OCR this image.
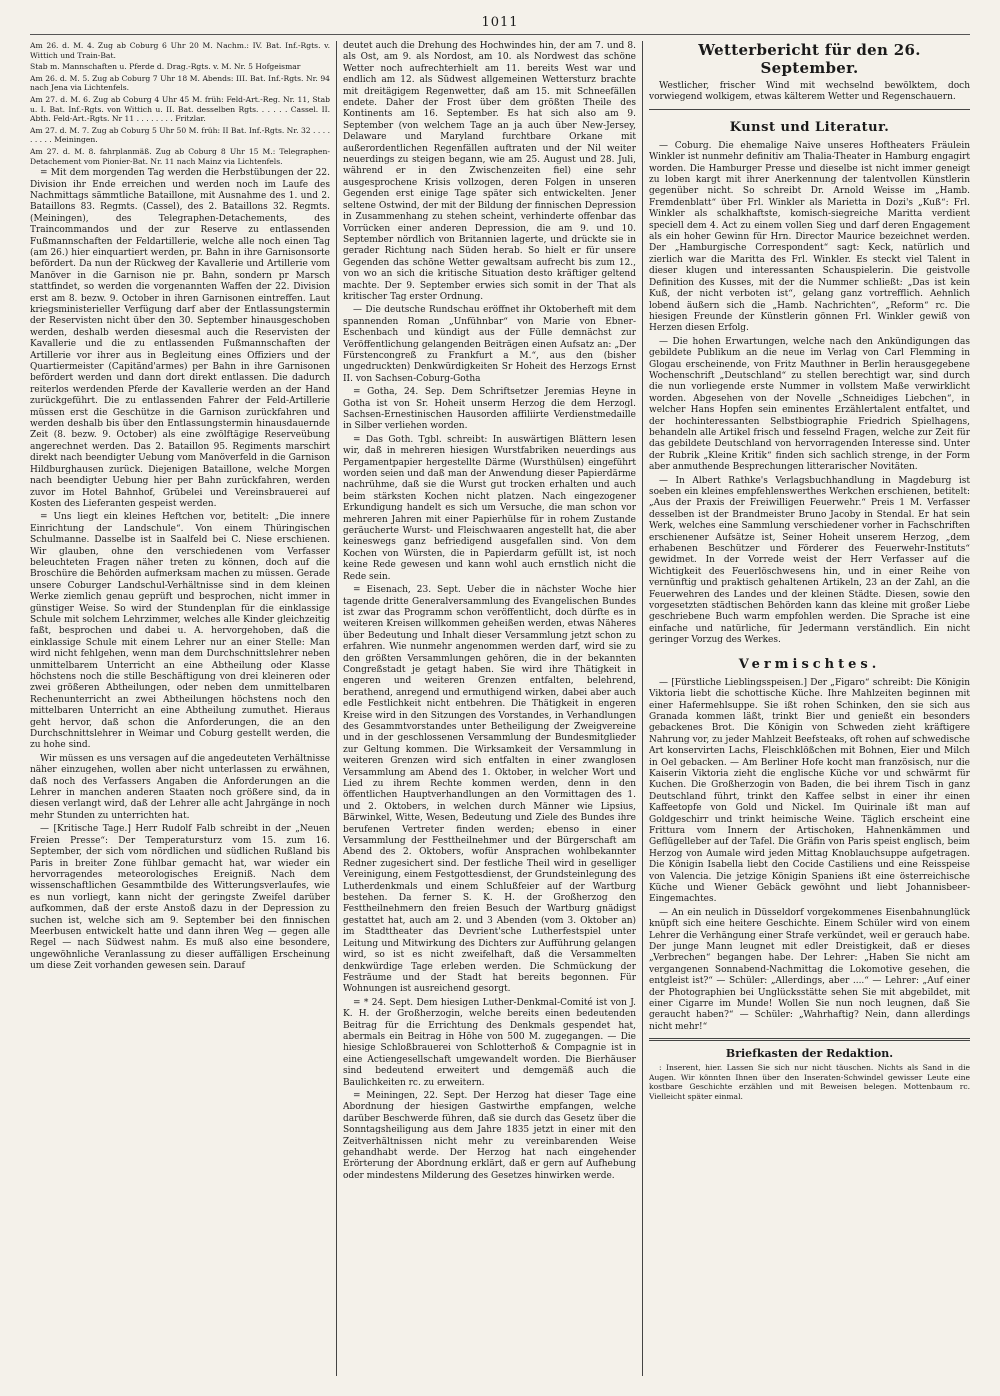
1011

Am 26. d. M. 4. Zug ab Coburg 6 Uhr 20 M. Nachm.: IV. Bat. Inf.-Rgts. v. Wittich und Train-Bat.

Stab m. Mannschaften u. Pferde d. Drag.-Rgts. v. M. Nr. 5 Hofgeismar

Am 26. d. M. 5. Zug ab Coburg 7 Uhr 18 M. Abends: III. Bat. Inf.-Rgts. Nr. 94 nach Jena via Lichtenfels.

Am 27. d. M. 6. Zug ab Coburg 4 Uhr 45 M. früh: Feld-Art.-Reg. Nr. 11, Stab u. I. Bat. Inf.-Rgts. von Wittich u. II. Bat. desselben Rgts. . . . . . Cassel. II. Abth. Feld-Art.-Rgts. Nr 11 . . . . . . . . Fritzlar.

Am 27. d. M. 7. Zug ab Coburg 5 Uhr 50 M. früh: II Bat. Inf.-Rgts. Nr. 32 . . . . . . . . . Meiningen.

Am 27. d. M. 8. fahrplanmäß. Zug ab Coburg 8 Uhr 15 M.: Telegraphen-Detachement vom Pionier-Bat. Nr. 11 nach Mainz via Lichtenfels.

= Mit dem morgenden Tag werden die Herbstübungen der 22. Division ihr Ende erreichen und werden noch im Laufe des Nachmittags sämmtliche Bataillone, mit Ausnahme des 1. und 2. Bataillons 83. Regmts. (Cassel), des 2. Bataillons 32. Regmts. (Meiningen), des Telegraphen-Detachements, des Traincommandos und der zur Reserve zu entlassenden Fußmannschaften der Feldartillerie, welche alle noch einen Tag (am 26.) hier einquartiert werden, pr. Bahn in ihre Garnisonsorte befördert. Da nun der Rückweg der Kavallerie und Artillerie vom Manöver in die Garnison nie pr. Bahn, sondern pr Marsch stattfindet, so werden die vorgenannten Waffen der 22. Division erst am 8. bezw. 9. October in ihren Garnisonen eintreffen. Laut kriegsministerieller Verfügung darf aber der Entlassungstermin der Reservisten nicht über den 30. September hinausgeschoben werden, deshalb werden diesesmal auch die Reservisten der Kavallerie und die zu entlassenden Fußmannschaften der Artillerie vor ihrer aus in Begleitung eines Offiziers und der Quartiermeister (Capitänd'armes) per Bahn in ihre Garnisonen befördert werden und dann dort direkt entlassen. Die dadurch reiterlos werdenden Pferde der Kavallerie werden an der Hand zurückgeführt. Die zu entlassenden Fahrer der Feld-Artillerie müssen erst die Geschütze in die Garnison zurückfahren und werden deshalb bis über den Entlassungstermin hinausdauernde Zeit (8. bezw. 9. October) als eine zwölftägige Reserveübung angerechnet werden. Das 2. Bataillon 95. Regiments marschirt direkt nach beendigter Uebung vom Manöverfeld in die Garnison Hildburghausen zurück. Diejenigen Bataillone, welche Morgen nach beendigter Uebung hier per Bahn zurückfahren, werden zuvor im Hotel Bahnhof, Grübelei und Vereinsbrauerei auf Kosten des Lieferanten gespeist werden.

= Uns liegt ein kleines Heftchen vor, betitelt: „Die innere Einrichtung der Landschule“. Von einem Thüringischen Schulmanne. Dasselbe ist in Saalfeld bei C. Niese erschienen. Wir glauben, ohne den verschiedenen vom Verfasser beleuchteten Fragen näher treten zu können, doch auf die Broschüre die Behörden aufmerksam machen zu müssen. Gerade unsere Coburger Landschul-Verhältnisse sind in dem kleinen Werke ziemlich genau geprüft und besprochen, nicht immer in günstiger Weise. So wird der Stundenplan für die einklassige Schule mit solchem Lehrzimmer, welches alle Kinder gleichzeitig faßt, besprochen und dabei u. A. hervorgehoben, daß die einklassige Schule mit einem Lehrer nur an einer Stelle: Man wird nicht fehlgehen, wenn man dem Durchschnittslehrer neben unmittelbarem Unterricht an eine Abtheilung oder Klasse höchstens noch die stille Beschäftigung von drei kleineren oder zwei größeren Abtheilungen, oder neben dem unmittelbaren Rechenunterricht an zwei Abtheilungen höchstens noch den mittelbaren Unterricht an eine Abtheilung zumuthet. Hieraus geht hervor, daß schon die Anforderungen, die an den Durchschnittslehrer in Weimar und Coburg gestellt werden, die zu hohe sind.

Wir müssen es uns versagen auf die angedeuteten Verhältnisse näher einzugehen, wollen aber nicht unterlassen zu erwähnen, daß noch des Verfassers Angaben die Anforderungen an die Lehrer in manchen anderen Staaten noch größere sind, da in diesen verlangt wird, daß der Lehrer alle acht Jahrgänge in noch mehr Stunden zu unterrichten hat.

— [Kritische Tage.] Herr Rudolf Falb schreibt in der „Neuen Freien Presse“: Der Temperatursturz vom 15. zum 16. September, der sich vom nördlichen und südlichen Rußland bis Paris in breiter Zone fühlbar gemacht hat, war wieder ein hervorragendes meteorologisches Ereigniß. Nach dem wissenschaftlichen Gesammtbilde des Witterungsverlaufes, wie es nun vorliegt, kann nicht der geringste Zweifel darüber aufkommen, daß der erste Anstoß dazu in der Depression zu suchen ist, welche sich am 9. September bei den finnischen Meerbusen entwickelt hatte und dann ihren Weg — gegen alle Regel — nach Südwest nahm. Es muß also eine besondere, ungewöhnliche Veranlassung zu dieser auffälligen Erscheinung um diese Zeit vorhanden gewesen sein. Darauf

deutet auch die Drehung des Hochwindes hin, der am 7. und 8. als Ost, am 9. als Nordost, am 10. als Nordwest das schöne Wetter noch aufrechterhielt am 11. bereits West war und endlich am 12. als Südwest allgemeinen Wettersturz brachte mit dreitägigem Regenwetter, daß am 15. mit Schneefällen endete. Daher der Frost über dem größten Theile des Kontinents am 16. September. Es hat sich also am 9. September (von welchem Tage an ja auch über New-Jersey, Delaware und Maryland furchtbare Orkane mit außerordentlichen Regenfällen auftraten und der Nil weiter neuerdings zu steigen begann, wie am 25. August und 28. Juli, während er in den Zwischenzeiten fiel) eine sehr ausgesprochene Krisis vollzogen, deren Folgen in unseren Gegenden erst einige Tage später sich entwickelten. Jener seltene Ostwind, der mit der Bildung der finnischen Depression in Zusammenhang zu stehen scheint, verhinderte offenbar das Vorrücken einer anderen Depression, die am 9. und 10. September nördlich von Britannien lagerte, und drückte sie in gerader Richtung nach Süden herab. So hielt er für unsere Gegenden das schöne Wetter gewaltsam aufrecht bis zum 12., von wo an sich die kritische Situation desto kräftiger geltend machte. Der 9. September erwies sich somit in der That als kritischer Tag erster Ordnung.

— Die deutsche Rundschau eröffnet ihr Oktoberheft mit dem spannenden Roman „Unfühnbar“ von Marie von Ebner-Eschenbach und kündigt aus der Fülle demnächst zur Veröffentlichung gelangenden Beiträgen einen Aufsatz an: „Der Fürstencongreß zu Frankfurt a M.“, aus den (bisher ungedruckten) Denkwürdigkeiten Sr Hoheit des Herzogs Ernst II. von Sachsen-Coburg-Gotha

= Gotha, 24. Sep. Dem Schriftsetzer Jeremias Heyne in Gotha ist von Sr. Hoheit unserm Herzog die dem Herzogl. Sachsen-Ernestinischen Hausorden affiliirte Verdienstmedaille in Silber verliehen worden.

= Das Goth. Tgbl. schreibt: In auswärtigen Blättern lesen wir, daß in mehreren hiesigen Wurstfabriken neuerdings aus Pergamentpapier hergestellte Därme (Wursthülsen) eingeführt worden seien und daß man der Anwendung dieser Papierdärme nachrühme, daß sie die Wurst gut trocken erhalten und auch beim stärksten Kochen nicht platzen. Nach eingezogener Erkundigung handelt es sich um Versuche, die man schon vor mehreren Jahren mit einer Papierhülse für in rohem Zustande geräucherte Wurst- und Fleischwaaren angestellt hat, die aber keineswegs ganz befriedigend ausgefallen sind. Von dem Kochen von Würsten, die in Papierdarm gefüllt ist, ist noch keine Rede gewesen und kann wohl auch ernstlich nicht die Rede sein.

= Eisenach, 23. Sept. Ueber die in nächster Woche hier tagende dritte Generalversammlung des Evangelischen Bundes ist zwar das Programm schon veröffentlicht, doch dürfte es in weiteren Kreisen willkommen geheißen werden, etwas Näheres über Bedeutung und Inhalt dieser Versammlung jetzt schon zu erfahren. Wie nunmehr angenommen werden darf, wird sie zu den größten Versammlungen gehören, die in der bekannten Congreßstadt je getagt haben. Sie wird ihre Thätigkeit in engeren und weiteren Grenzen entfalten, belehrend, berathend, anregend und ermuthigend wirken, dabei aber auch edle Festlichkeit nicht entbehren. Die Thätigkeit in engeren Kreise wird in den Sitzungen des Vorstandes, in Verhandlungen des Gesammtvorstandes unter Betheiligung der Zweigvereine und in der geschlossenen Versammlung der Bundesmitglieder zur Geltung kommen. Die Wirksamkeit der Versammlung in weiteren Grenzen wird sich entfalten in einer zwanglosen Versammlung am Abend des 1. Oktober, in welcher Wort und Lied zu ihrem Rechte kommen werden, denn in den öffentlichen Hauptverhandlungen an den Vormittagen des 1. und 2. Oktobers, in welchen durch Männer wie Lipsius, Bärwinkel, Witte, Wesen, Bedeutung und Ziele des Bundes ihre berufenen Vertreter finden werden; ebenso in einer Versammlung der Festtheilnehmer und der Bürgerschaft am Abend des 2. Oktobers, wofür Ansprachen wohlbekannter Redner zugesichert sind. Der festliche Theil wird in geselliger Vereinigung, einem Festgottesdienst, der Grundsteinlegung des Lutherdenkmals und einem Schlußfeier auf der Wartburg bestehen. Da ferner S. K. H. der Großherzog den Festtheilnehmern den freien Besuch der Wartburg gnädigst gestattet hat, auch am 2. und 3 Abenden (vom 3. Oktober an) im Stadttheater das Devrient'sche Lutherfestspiel unter Leitung und Mitwirkung des Dichters zur Aufführung gelangen wird, so ist es nicht zweifelhaft, daß die Versammelten denkwürdige Tage erleben werden. Die Schmückung der Festräume und der Stadt hat bereits begonnen. Für Wohnungen ist ausreichend gesorgt.

= * 24. Sept. Dem hiesigen Luther-Denkmal-Comité ist von J. K. H. der Großherzogin, welche bereits einen bedeutenden Beitrag für die Errichtung des Denkmals gespendet hat, abermals ein Beitrag in Höhe von 500 M. zugegangen. — Die hiesige Schloßbrauerei von Schlotterhoß & Compagnie ist in eine Actiengesellschaft umgewandelt worden. Die Bierhäuser sind bedeutend erweitert und demgemäß auch die Baulichkeiten rc. zu erweitern.

= Meiningen, 22. Sept. Der Herzog hat dieser Tage eine Abordnung der hiesigen Gastwirthe empfangen, welche darüber Beschwerde führen, daß sie durch das Gesetz über die Sonntagsheiligung aus dem Jahre 1835 jetzt in einer mit den Zeitverhältnissen nicht mehr zu vereinbarenden Weise gehandhabt werde. Der Herzog hat nach eingehender Erörterung der Abordnung erklärt, daß er gern auf Aufhebung oder mindestens Milderung des Gesetzes hinwirken werde.

Wetterbericht für den 26. September.

Westlicher, frischer Wind mit wechselnd bewölktem, doch vorwiegend wolkigem, etwas kälterem Wetter und Regenschauern.

Kunst und Literatur.

— Coburg. Die ehemalige Naive unseres Hoftheaters Fräulein Winkler ist nunmehr definitiv am Thalia-Theater in Hamburg engagirt worden. Die Hamburger Presse und dieselbe ist nicht immer geneigt zu loben kargt mit ihrer Anerkennung der talentvollen Künstlerin gegenüber nicht. So schreibt Dr. Arnold Weisse im „Hamb. Fremdenblatt“ über Frl. Winkler als Marietta in Dozi's „Kuß“: Frl. Winkler als schalkhaftste, komisch-siegreiche Maritta verdient speciell dem 4. Act zu einem vollen Sieg und darf deren Engagement als ein hoher Gewinn für Hrn. Director Maurice bezeichnet werden. Der „Hamburgische Correspondent“ sagt: Keck, natürlich und zierlich war die Maritta des Frl. Winkler. Es steckt viel Talent in dieser klugen und interessanten Schauspielerin. Die geistvolle Definition des Kusses, mit der die Nummer schließt: „Das ist kein Kuß, der nicht verboten ist“, gelang ganz vortrefflich. Aehnlich lobend äußern sich die „Hamb. Nachrichten“, „Reform“ rc. Die hiesigen Freunde der Künstlerin gönnen Frl. Winkler gewiß von Herzen diesen Erfolg.

— Die hohen Erwartungen, welche nach den Ankündigungen das gebildete Publikum an die neue im Verlag von Carl Flemming in Glogau erscheinende, von Fritz Mauthner in Berlin herausgegebene Wochenschrift „Deutschland“ zu stellen berechtigt war, sind durch die nun vorliegende erste Nummer in vollstem Maße verwirklicht worden. Abgesehen von der Novelle „Schneidiges Liebchen“, in welcher Hans Hopfen sein eminentes Erzählertalent entfaltet, und der hochinteressanten Selbstbiographie Friedrich Spielhagens, behandeln alle Artikel frisch und fesselnd Fragen, welche zur Zeit für das gebildete Deutschland von hervorragenden Interesse sind. Unter der Rubrik „Kleine Kritik“ finden sich sachlich strenge, in der Form aber anmuthende Besprechungen litterarischer Novitäten.

— In Albert Rathke's Verlagsbuchhandlung in Magdeburg ist soeben ein kleines empfehlenswerthes Werkchen erschienen, betitelt: „Aus der Praxis der Freiwilligen Feuerwehr.“ Preis 1 M. Verfasser desselben ist der Brandmeister Bruno Jacoby in Stendal. Er hat sein Werk, welches eine Sammlung verschiedener vorher in Fachschriften erschienener Aufsätze ist, Seiner Hoheit unserem Herzog, „dem erhabenen Beschützer und Förderer des Feuerwehr-Instituts“ gewidmet. In der Vorrede weist der Herr Verfasser auf die Wichtigkeit des Feuerlöschwesens hin, und in einer Reihe von vernünftig und praktisch gehaltenen Artikeln, 23 an der Zahl, an die Feuerwehren des Landes und der kleinen Städte. Diesen, sowie den vorgesetzten städtischen Behörden kann das kleine mit großer Liebe geschriebene Buch warm empfohlen werden. Die Sprache ist eine einfache und natürliche, für Jedermann verständlich. Ein nicht geringer Vorzug des Werkes.

Vermischtes.

— [Fürstliche Lieblingsspeisen.] Der „Figaro“ schreibt: Die Königin Viktoria liebt die schottische Küche. Ihre Mahlzeiten beginnen mit einer Hafermehlsuppe. Sie ißt rohen Schinken, den sie sich aus Granada kommen läßt, trinkt Bier und genießt ein besonders gebackenes Brot. Die Königin von Schweden zieht kräftigere Nahrung vor, zu jeder Mahlzeit Beefsteaks, oft rohen auf schwedische Art konservirten Lachs, Fleischklößchen mit Bohnen, Eier und Milch in Oel gebacken. — Am Berliner Hofe kocht man französisch, nur die Kaiserin Viktoria zieht die englische Küche vor und schwärmt für Kuchen. Die Großherzogin von Baden, die bei ihrem Tisch in ganz Deutschland führt, trinkt den Kaffee selbst in einer ihr einen Kaffeetopfe von Gold und Nickel. Im Quirinale ißt man auf Goldgeschirr und trinkt heimische Weine. Täglich erscheint eine Frittura vom Innern der Artischoken, Hahnenkämmen und Geflügelleber auf der Tafel. Die Gräfin von Paris speist englisch, beim Herzog von Aumale wird jeden Mittag Knoblauchsuppe aufgetragen. Die Königin Isabella liebt den Cocide Castiliens und eine Reisspeise von Valencia. Die jetzige Königin Spaniens ißt eine österreichische Küche und Wiener Gebäck gewöhnt und liebt Johannisbeer-Eingemachtes.

— An ein neulich in Düsseldorf vorgekommenes Eisenbahnunglück knüpft sich eine heitere Geschichte. Einem Schüler wird von einem Lehrer die Verhängung einer Strafe verkündet, weil er gerauch habe. Der junge Mann leugnet mit edler Dreistigkeit, daß er dieses „Verbrechen“ begangen habe. Der Lehrer: „Haben Sie nicht am vergangenen Sonnabend-Nachmittag die Lokomotive gesehen, die entgleist ist?“ — Schüler: „Allerdings, aber ....“ — Lehrer: „Auf einer der Photographien bei Unglücksstätte sehen Sie mit abgebildet, mit einer Cigarre im Munde! Wollen Sie nun noch leugnen, daß Sie geraucht haben?“ — Schüler: „Wahrhaftig? Nein, dann allerdings nicht mehr!“

Briefkasten der Redaktion.

: Inserent, hier. Lassen Sie sich nur nicht täuschen. Nichts als Sand in die Augen. Wir könnten Ihnen über den Inseraten-Schwindel gewisser Leute eine kostbare Geschichte erzählen und mit Beweisen belegen. Mottenbaum rc. Vielleicht später einmal.
